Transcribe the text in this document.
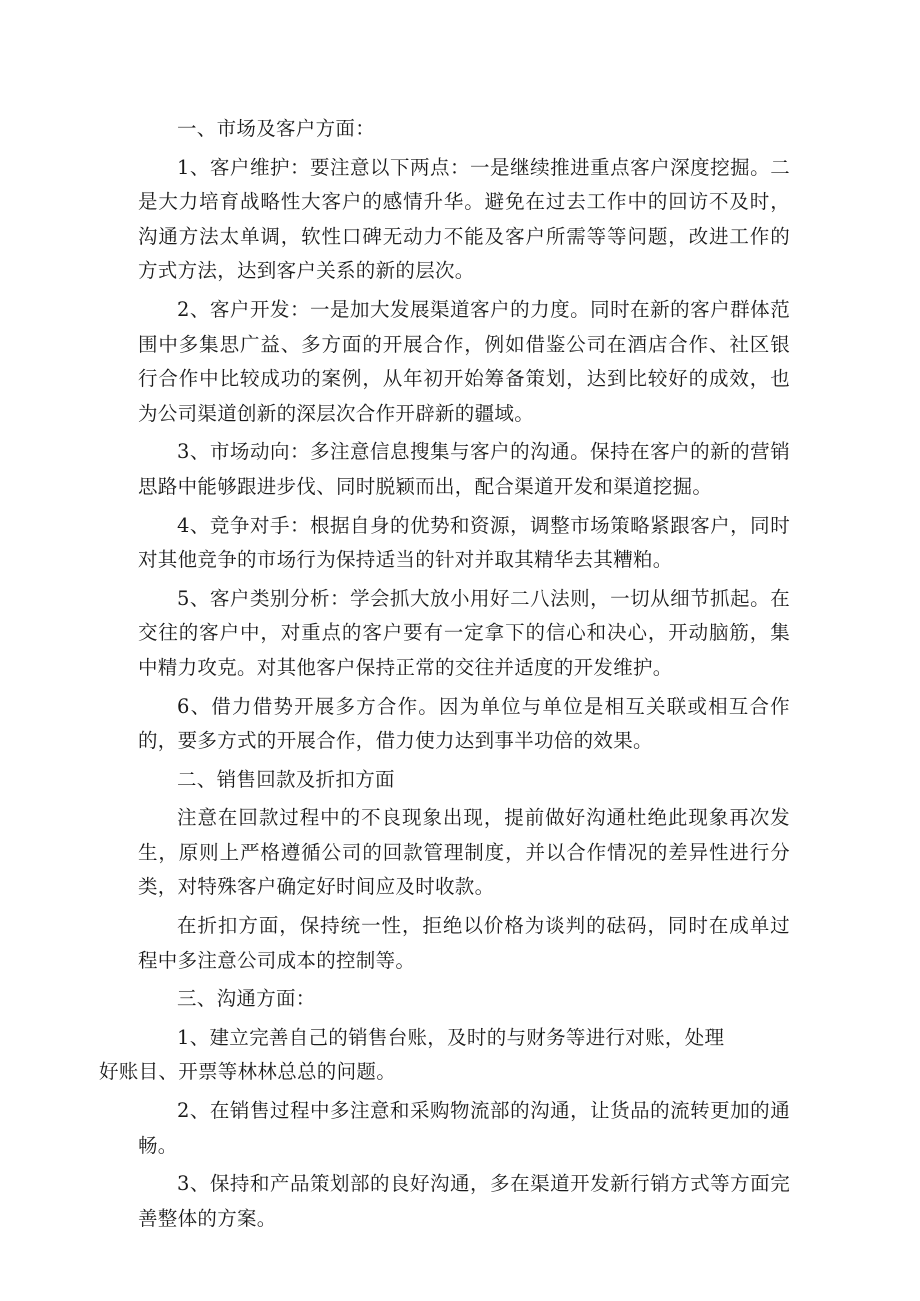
一、市场及客户方面：

1、客户维护：要注意以下两点：一是继续推进重点客户深度挖掘。二是大力培育战略性大客户的感情升华。避免在过去工作中的回访不及时，沟通方法太单调，软性口碑无动力不能及客户所需等等问题，改进工作的方式方法，达到客户关系的新的层次。

2、客户开发：一是加大发展渠道客户的力度。同时在新的客户群体范围中多集思广益、多方面的开展合作，例如借鉴公司在酒店合作、社区银行合作中比较成功的案例，从年初开始筹备策划，达到比较好的成效，也为公司渠道创新的深层次合作开辟新的疆域。

3、市场动向：多注意信息搜集与客户的沟通。保持在客户的新的营销思路中能够跟进步伐、同时脱颖而出，配合渠道开发和渠道挖掘。

4、竞争对手：根据自身的优势和资源，调整市场策略紧跟客户，同时对其他竞争的市场行为保持适当的针对并取其精华去其糟粕。

5、客户类别分析：学会抓大放小用好二八法则，一切从细节抓起。在交往的客户中，对重点的客户要有一定拿下的信心和决心，开动脑筋，集中精力攻克。对其他客户保持正常的交往并适度的开发维护。

6、借力借势开展多方合作。因为单位与单位是相互关联或相互合作的，要多方式的开展合作，借力使力达到事半功倍的效果。

二、销售回款及折扣方面

注意在回款过程中的不良现象出现，提前做好沟通杜绝此现象再次发生，原则上严格遵循公司的回款管理制度，并以合作情况的差异性进行分类，对特殊客户确定好时间应及时收款。

在折扣方面，保持统一性，拒绝以价格为谈判的砝码，同时在成单过程中多注意公司成本的控制等。

三、沟通方面：

1、建立完善自己的销售台账，及时的与财务等进行对账，处理
好账目、开票等林林总总的问题。

2、在销售过程中多注意和采购物流部的沟通，让货品的流转更加的通畅。

3、保持和产品策划部的良好沟通，多在渠道开发新行销方式等方面完善整体的方案。
